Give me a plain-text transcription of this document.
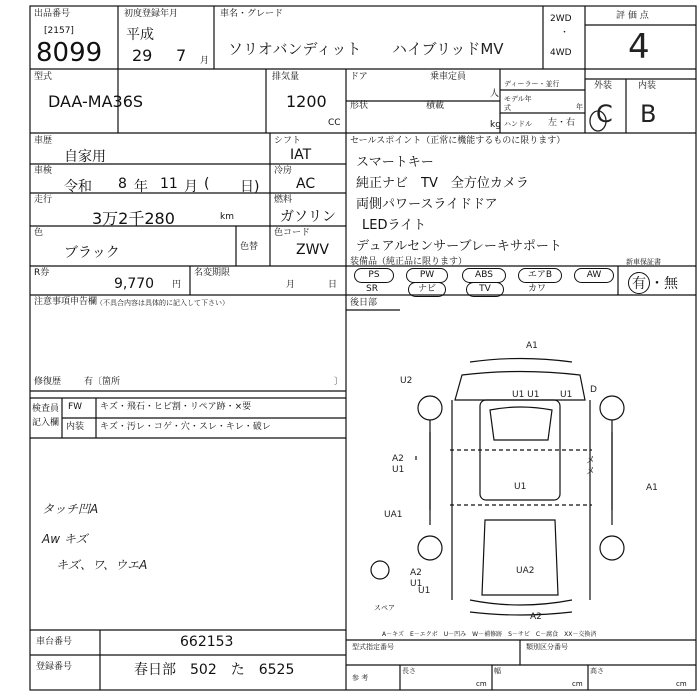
出品番号
[2157]
8099
初度登録年月
平成
29 7 月
車名・グレード
ソリオバンディット ハイブリッドMV
2WD
・
4WD
評 価 点
4
型式
DAA-MA36S
排気量
1200
CC
ドア
形状
乗車定員
人
積載
kg
ディーラー・並行
モデル年式	年
ハンドル 左・右
外装	内装
C B
車歴
自家用
車検
令和 8 年 11 月 ( 日)
走行
3万2千280	km
色
ブラック	色替
シフト
IAT
冷房
AC
燃料
ガソリン
色コード
ZWV
R券
9,770 円
名変期限
月	日
セールスポイント（正常に機能するものに限ります）
スマートキー
純正ナビ　TV　全方位カメラ
両側パワースライドドア
LEDライト
デュアルセンサーブレーキサポート
装備品（純正品に限ります）
PS	PW	ABS	エアB	AW
SR	ナビ	TV	カワ
新車保証書
有 ・無
注意事項申告欄
（不具合内容は具体的に記入して下さい）
修復歴	有〔箇所	〕
検査員記入欄
FW キズ・飛石・ヒビ割・リペア跡・×要
内装 キズ・汚レ・コゲ・穴・スレ・キレ・破レ
タッチ凹A
Aw キズ
キズ、ワ、ウエA
後日部
A1
U2
U1 U1 U1 D
A2 U1
メメ
U1	A1
UA1
UA2
A2 U1
A2
U1
スペア
A－キズ　E－エクボ　U－凹み　W－補修跡　S－サビ　C－腐食　XX－交換済
車台番号	662153
登録番号	春日部　502　た　6525
型式指定番号	類別区分番号
長さ	幅	高さ
cm	cm	cm
参 考
